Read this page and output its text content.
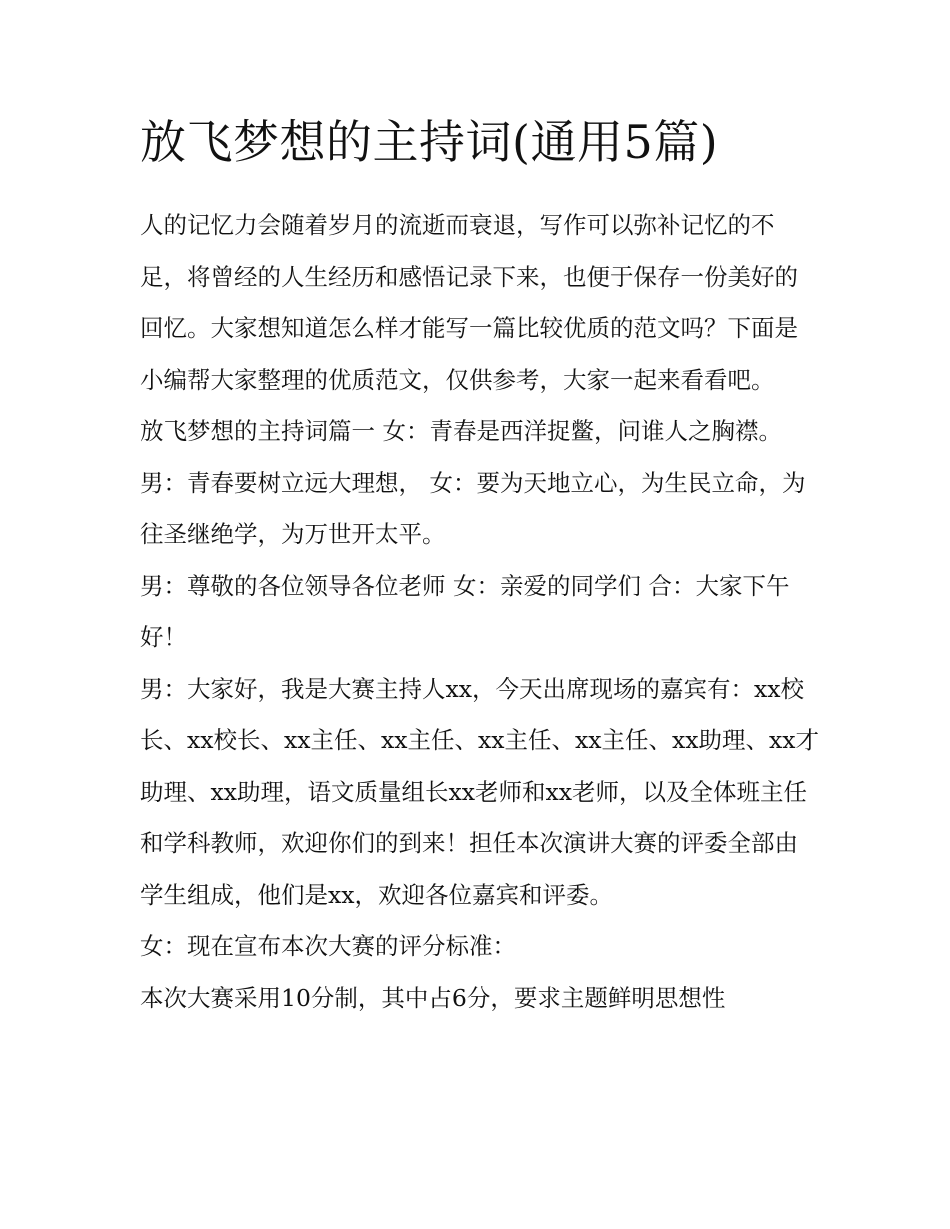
放飞梦想的主持词(通用5篇)

人的记忆力会随着岁月的流逝而衰退，写作可以弥补记忆的不足，将曾经的人生经历和感悟记录下来，也便于保存一份美好的回忆。大家想知道怎么样才能写一篇比较优质的范文吗？下面是小编帮大家整理的优质范文，仅供参考，大家一起来看看吧。

放飞梦想的主持词篇一 女：青春是西洋捉鳖，问谁人之胸襟。 男：青春要树立远大理想， 女：要为天地立心，为生民立命，为往圣继绝学，为万世开太平。

男：尊敬的各位领导各位老师 女：亲爱的同学们 合：大家下午好！

男：大家好，我是大赛主持人xx，今天出席现场的嘉宾有：xx校长、xx校长、xx主任、xx主任、xx主任、xx主任、xx助理、xx才助理、xx助理，语文质量组长xx老师和xx老师，以及全体班主任和学科教师，欢迎你们的到来！担任本次演讲大赛的评委全部由学生组成，他们是xx，欢迎各位嘉宾和评委。

女：现在宣布本次大赛的评分标准：

本次大赛采用10分制，其中占6分，要求主题鲜明思想性
